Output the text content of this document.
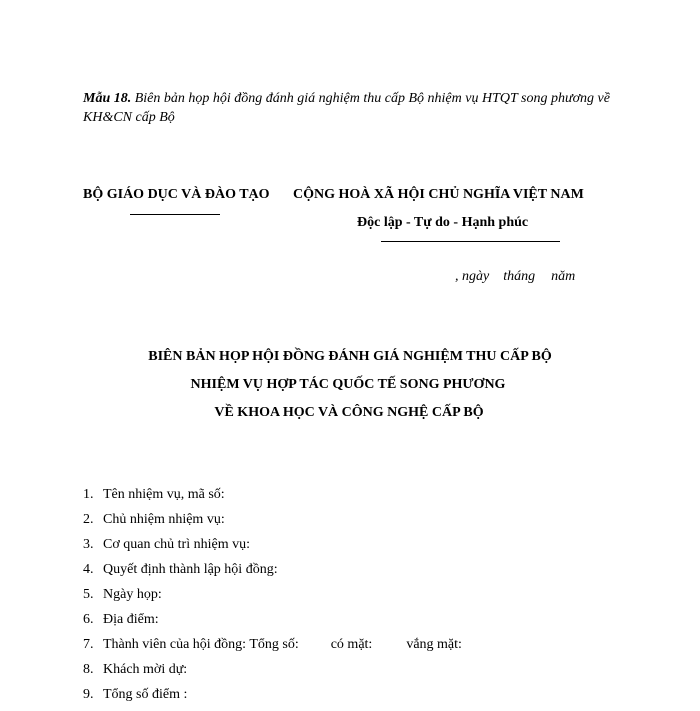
Mẫu 18. Biên bản họp hội đồng đánh giá nghiệm thu cấp Bộ nhiệm vụ HTQT song phương về KH&CN cấp Bộ
BỘ GIÁO DỤC VÀ ĐÀO TẠO CỘNG HOÀ XÃ HỘI CHỦ NGHĨA VIỆT NAM
Độc lập - Tự do - Hạnh phúc
, ngày tháng năm
BIÊN BẢN HỌP HỘI ĐỒNG ĐÁNH GIÁ NGHIỆM THU CẤP BỘ
NHIỆM VỤ HỢP TÁC QUỐC TẾ SONG PHƯƠNG
VỀ KHOA HỌC VÀ CÔNG NGHỆ CẤP BỘ
1. Tên nhiệm vụ, mã số:
2. Chủ nhiệm nhiệm vụ:
3. Cơ quan chủ trì nhiệm vụ:
4. Quyết định thành lập hội đồng:
5. Ngày họp:
6. Địa điểm:
7. Thành viên của hội đồng: Tổng số: có mặt: vắng mặt:
8. Khách mời dự:
9. Tổng số điểm :
